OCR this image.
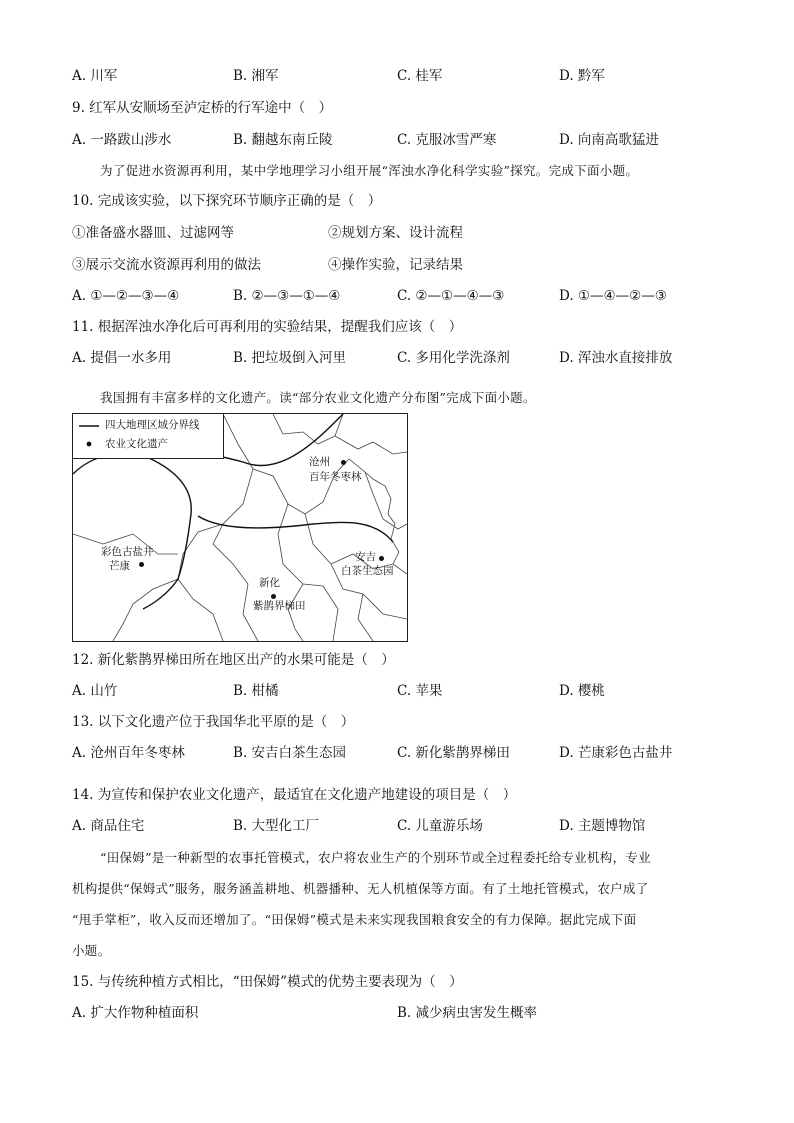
A. 川军	B. 湘军	C. 桂军	D. 黔军
9. 红军从安顺场至泸定桥的行军途中（　）
A. 一路跋山涉水	B. 翻越东南丘陵	C. 克服冰雪严寒	D. 向南高歌猛进
为了促进水资源再利用，某中学地理学习小组开展“浑浊水净化科学实验”探究。完成下面小题。
10. 完成该实验，以下探究环节顺序正确的是（　）
①准备盛水器皿、过滤网等	②规划方案、设计流程
③展示交流水资源再利用的做法	④操作实验，记录结果
A. ①—②—③—④	B. ②—③—①—④	C. ②—①—④—③	D. ①—④—②—③
11. 根据浑浊水净化后可再利用的实验结果，提醒我们应该（　）
A. 提倡一水多用	B. 把垃圾倒入河里	C. 多用化学洗涤剂	D. 浑浊水直接排放
我国拥有丰富多样的文化遗产。读“部分农业文化遗产分布图”完成下面小题。
四大地理区域分界线
农业文化遗产
沧州
百年冬枣林
彩色古盐井
芒康
新化
紫鹊界梯田
安吉
白茶生态园
12. 新化紫鹊界梯田所在地区出产的水果可能是（　）
A. 山竹	B. 柑橘	C. 苹果	D. 樱桃
13. 以下文化遗产位于我国华北平原的是（　）
A. 沧州百年冬枣林	B. 安吉白茶生态园	C. 新化紫鹊界梯田	D. 芒康彩色古盐井
14. 为宣传和保护农业文化遗产，最适宜在文化遗产地建设的项目是（　）
A. 商品住宅	B. 大型化工厂	C. 儿童游乐场	D. 主题博物馆
“田保姆”是一种新型的农事托管模式，农户将农业生产的个别环节或全过程委托给专业机构，专业
机构提供“保姆式”服务，服务涵盖耕地、机器播种、无人机植保等方面。有了土地托管模式，农户成了
“甩手掌柜”，收入反而还增加了。“田保姆”模式是未来实现我国粮食安全的有力保障。据此完成下面
小题。
15. 与传统种植方式相比，“田保姆”模式的优势主要表现为（　）
A. 扩大作物种植面积	B. 减少病虫害发生概率
